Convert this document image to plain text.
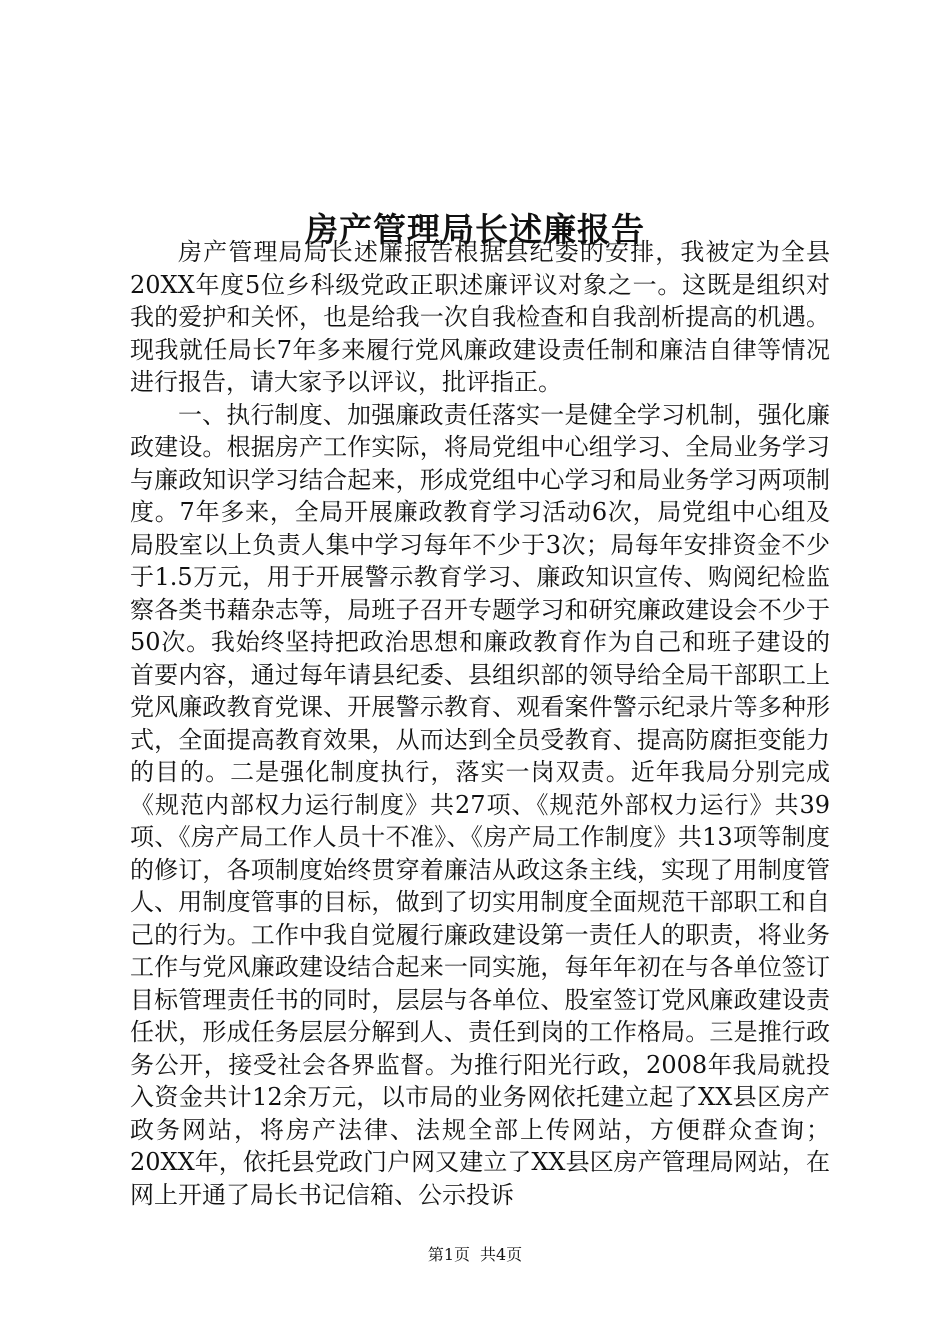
房产管理局长述廉报告

房产管理局局长述廉报告根据县纪委的安排，我被定为全县20XX年度5位乡科级党政正职述廉评议对象之一。这既是组织对我的爱护和关怀，也是给我一次自我检查和自我剖析提高的机遇。现我就任局长7年多来履行党风廉政建设责任制和廉洁自律等情况进行报告，请大家予以评议，批评指正。

一、执行制度、加强廉政责任落实一是健全学习机制，强化廉政建设。根据房产工作实际，将局党组中心组学习、全局业务学习与廉政知识学习结合起来，形成党组中心学习和局业务学习两项制度。7年多来，全局开展廉政教育学习活动6次，局党组中心组及局股室以上负责人集中学习每年不少于3次；局每年安排资金不少于1.5万元，用于开展警示教育学习、廉政知识宣传、购阅纪检监察各类书藉杂志等，局班子召开专题学习和研究廉政建设会不少于50次。我始终坚持把政治思想和廉政教育作为自己和班子建设的首要内容，通过每年请县纪委、县组织部的领导给全局干部职工上党风廉政教育党课、开展警示教育、观看案件警示纪录片等多种形式，全面提高教育效果，从而达到全员受教育、提高防腐拒变能力的目的。二是强化制度执行，落实一岗双责。近年我局分别完成《规范内部权力运行制度》共27项、《规范外部权力运行》共39项、《房产局工作人员十不准》、《房产局工作制度》共13项等制度的修订，各项制度始终贯穿着廉洁从政这条主线，实现了用制度管人、用制度管事的目标，做到了切实用制度全面规范干部职工和自己的行为。工作中我自觉履行廉政建设第一责任人的职责，将业务工作与党风廉政建设结合起来一同实施，每年年初在与各单位签订目标管理责任书的同时，层层与各单位、股室签订党风廉政建设责任状，形成任务层层分解到人、责任到岗的工作格局。三是推行政务公开，接受社会各界监督。为推行阳光行政，2008年我局就投入资金共计12余万元，以市局的业务网依托建立起了XX县区房产政务网站，将房产法律、法规全部上传网站，方便群众查询；20XX年，依托县党政门户网又建立了XX县区房产管理局网站，在网上开通了局长书记信箱、公示投诉

第1页 共4页
